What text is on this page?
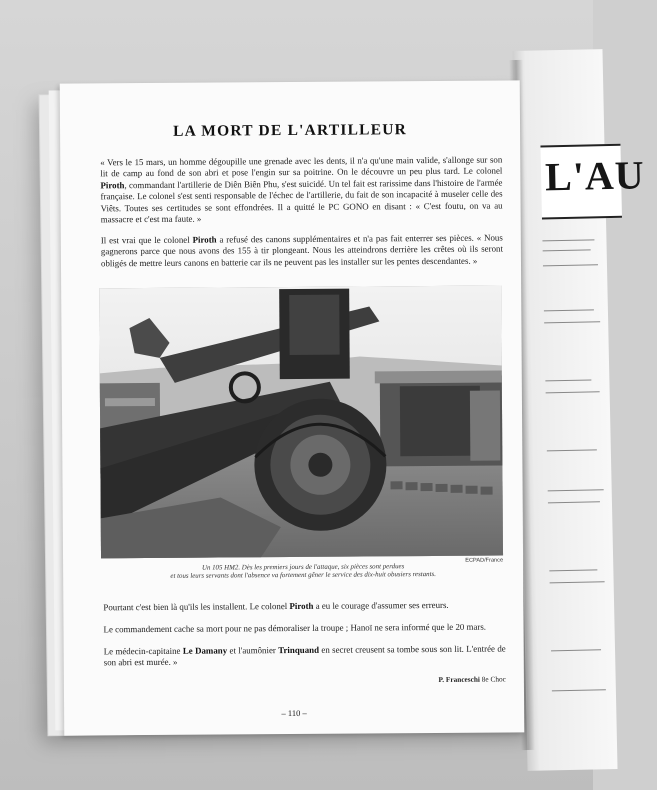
L'AU
LA MORT DE L'ARTILLEUR
« Vers le 15 mars, un homme dégoupille une grenade avec les dents, il n'a qu'une main valide, s'allonge sur son lit de camp au fond de son abri et pose l'engin sur sa poitrine. On le découvre un peu plus tard. Le colonel Piroth, commandant l'artillerie de Diên Biên Phu, s'est suicidé. Un tel fait est rarissime dans l'histoire de l'armée française. Le colonel s'est senti responsable de l'échec de l'artillerie, du fait de son incapacité à museler celle des Viêts. Toutes ses certitudes se sont effondrées. Il a quitté le PC GONO en disant : « C'est foutu, on va au massacre et c'est ma faute. »
Il est vrai que le colonel Piroth a refusé des canons supplémentaires et n'a pas fait enterrer ses pièces. « Nous gagnerons parce que nous avons des 155 à tir plongeant. Nous les atteindrons derrière les crêtes où ils seront obligés de mettre leurs canons en batterie car ils ne peuvent pas les installer sur les pentes descendantes. »
ECPAD/France
Un 105 HM2. Dès les premiers jours de l'attaque, six pièces sont perdues
et tous leurs servants dont l'absence va fortement gêner le service des dix-huit obusiers restants.
Pourtant c'est bien là qu'ils les installent. Le colonel Piroth a eu le courage d'assumer ses erreurs.
Le commandement cache sa mort pour ne pas démoraliser la troupe ; Hanoï ne sera informé que le 20 mars.
Le médecin-capitaine Le Damany et l'aumônier Trinquand en secret creusent sa tombe sous son lit. L'entrée de son abri est murée. »
P. Franceschi 8e Choc
– 110 –
